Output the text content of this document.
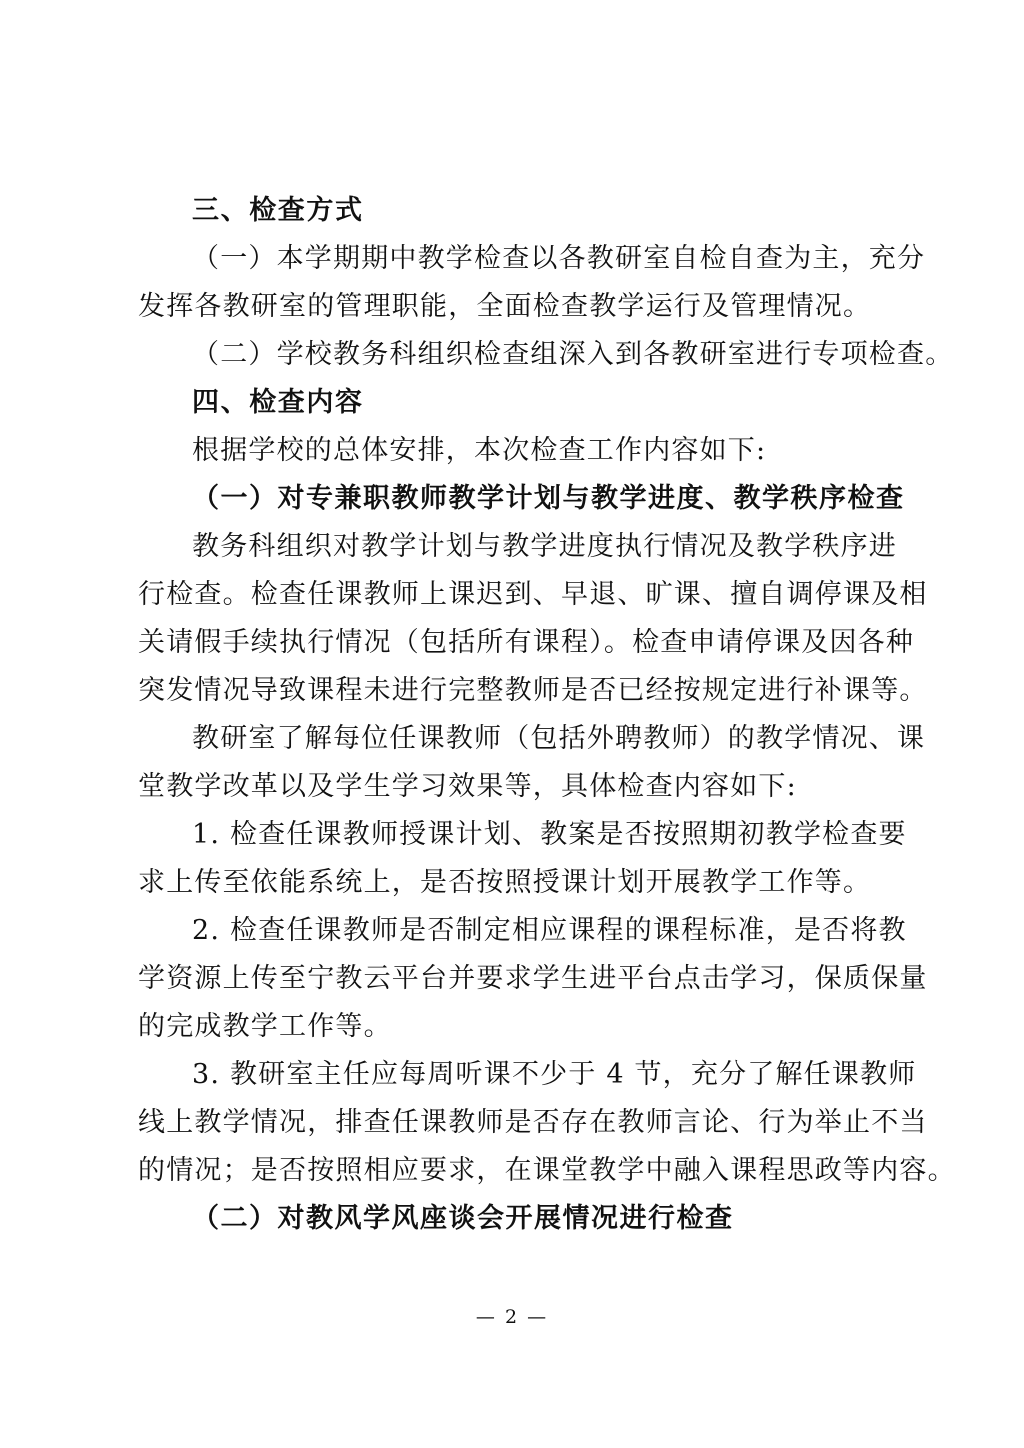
三、检查方式
（一）本学期期中教学检查以各教研室自检自查为主，充分
发挥各教研室的管理职能，全面检查教学运行及管理情况。
（二）学校教务科组织检查组深入到各教研室进行专项检查。
四、检查内容
根据学校的总体安排，本次检查工作内容如下:
（一）对专兼职教师教学计划与教学进度、教学秩序检查
教务科组织对教学计划与教学进度执行情况及教学秩序进
行检查。检查任课教师上课迟到、早退、旷课、擅自调停课及相
关请假手续执行情况（包括所有课程）。检查申请停课及因各种
突发情况导致课程未进行完整教师是否已经按规定进行补课等。
教研室了解每位任课教师（包括外聘教师）的教学情况、课
堂教学改革以及学生学习效果等，具体检查内容如下:
1. 检查任课教师授课计划、教案是否按照期初教学检查要
求上传至依能系统上，是否按照授课计划开展教学工作等。
2. 检查任课教师是否制定相应课程的课程标准，是否将教
学资源上传至宁教云平台并要求学生进平台点击学习，保质保量
的完成教学工作等。
3. 教研室主任应每周听课不少于 4 节，充分了解任课教师
线上教学情况，排查任课教师是否存在教师言论、行为举止不当
的情况；是否按照相应要求，在课堂教学中融入课程思政等内容。
（二）对教风学风座谈会开展情况进行检查
— 2 —
